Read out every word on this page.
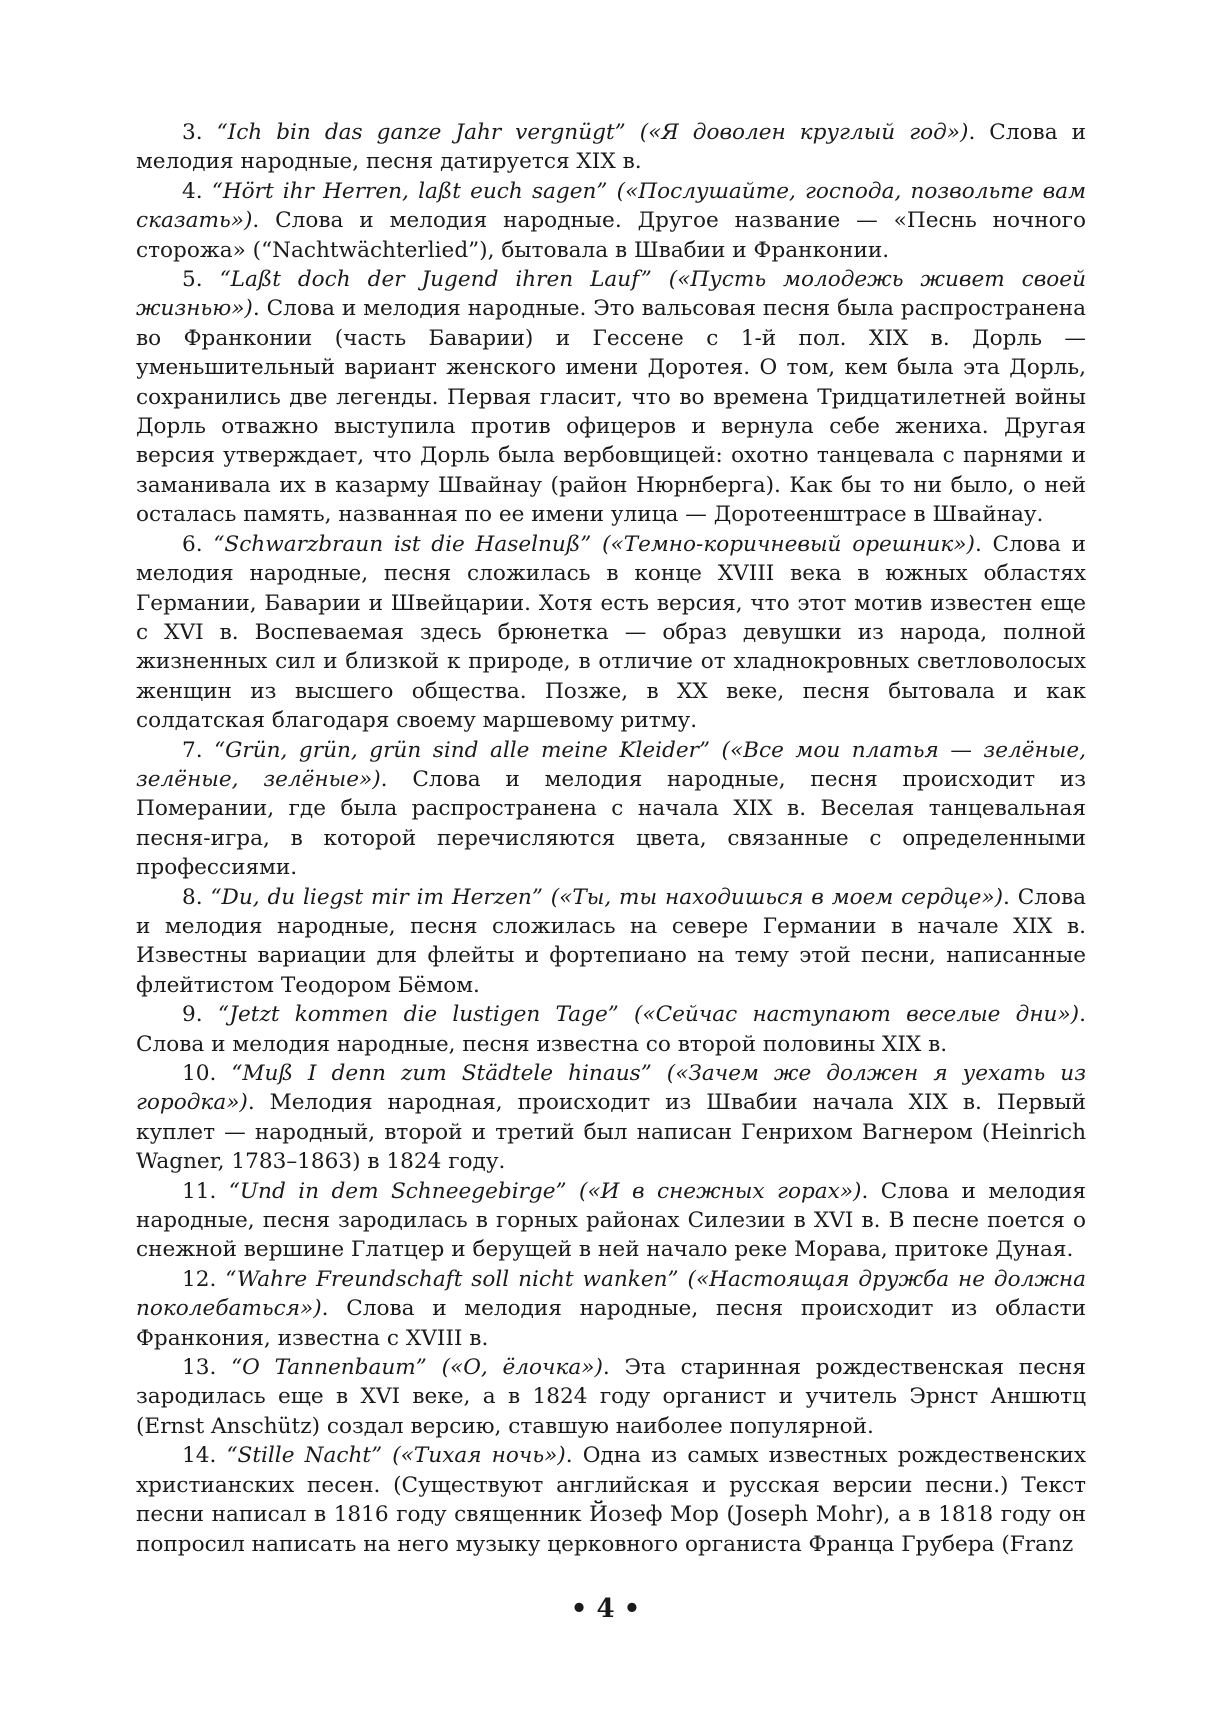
3. “Ich bin das ganze Jahr vergnügt” («Я доволен круглый год»). Слова и мелодия народные, песня датируется XIX в.

4. “Hört ihr Herren, laßt euch sagen” («Послушайте, господа, позвольте вам сказать»). Слова и мелодия народные. Другое название — «Песнь ночного сторожа» (“Nachtwächterlied”), бытовала в Швабии и Франконии.

5. “Laßt doch der Jugend ihren Lauf” («Пусть молодежь живет своей жизнью»). Слова и мелодия народные. Это вальсовая песня была распространена во Франконии (часть Баварии) и Гессене с 1-й пол. XIX в. Дорль — уменьшительный вариант женского имени Доротея. О том, кем была эта Дорль, сохранились две легенды. Первая гласит, что во времена Тридцатилетней войны Дорль отважно выступила против офицеров и вернула себе жениха. Другая версия утверждает, что Дорль была вербовщицей: охотно танцевала с парнями и заманивала их в казарму Швайнау (район Нюрнберга). Как бы то ни было, о ней осталась память, названная по ее имени улица — Доротеенштрасе в Швайнау.

6. “Schwarzbraun ist die Haselnuß” («Темно-коричневый орешник»). Слова и мелодия народные, песня сложилась в конце XVIII века в южных областях Германии, Баварии и Швейцарии. Хотя есть версия, что этот мотив известен еще с XVI в. Воспеваемая здесь брюнетка — образ девушки из народа, полной жизненных сил и близкой к природе, в отличие от хладнокровных светловолосых женщин из высшего общества. Позже, в XX веке, песня бытовала и как солдатская благодаря своему маршевому ритму.

7. “Grün, grün, grün sind alle meine Kleider” («Все мои платья — зелёные, зелёные, зелёные»). Слова и мелодия народные, песня происходит из Померании, где была распространена с начала XIX в. Веселая танцевальная песня-игра, в которой перечисляются цвета, связанные с определенными профессиями.

8. “Du, du liegst mir im Herzen” («Ты, ты находишься в моем сердце»). Слова и мелодия народные, песня сложилась на севере Германии в начале XIX в. Известны вариации для флейты и фортепиано на тему этой песни, написанные флейтистом Теодором Бёмом.

9. “Jetzt kommen die lustigen Tage” («Сейчас наступают веселые дни»). Слова и мелодия народные, песня известна со второй половины XIX в.

10. “Muß I denn zum Städtele hinaus” («Зачем же должен я уехать из городка»). Мелодия народная, происходит из Швабии начала XIX в. Первый куплет — народный, второй и третий был написан Генрихом Вагнером (Heinrich Wagner, 1783–1863) в 1824 году.

11. “Und in dem Schneegebirge” («И в снежных горах»). Слова и мелодия народные, песня зародилась в горных районах Силезии в XVI в. В песне поется о снежной вершине Глатцер и берущей в ней начало реке Морава, притоке Дуная.

12. “Wahre Freundschaft soll nicht wanken” («Настоящая дружба не должна поколебаться»). Слова и мелодия народные, песня происходит из области Франкония, известна с XVIII в.

13. “O Tannenbaum” («О, ёлочка»). Эта старинная рождественская песня зародилась еще в XVI веке, а в 1824 году органист и учитель Эрнст Аншютц (Ernst Anschütz) создал версию, ставшую наиболее популярной.

14. “Stille Nacht” («Тихая ночь»). Одна из самых известных рождественских христианских песен. (Существуют английская и русская версии песни.) Текст песни написал в 1816 году священник Йозеф Мор (Joseph Mohr), а в 1818 году он попросил написать на него музыку церковного органиста Франца Грубера (Franz

• 4 •
